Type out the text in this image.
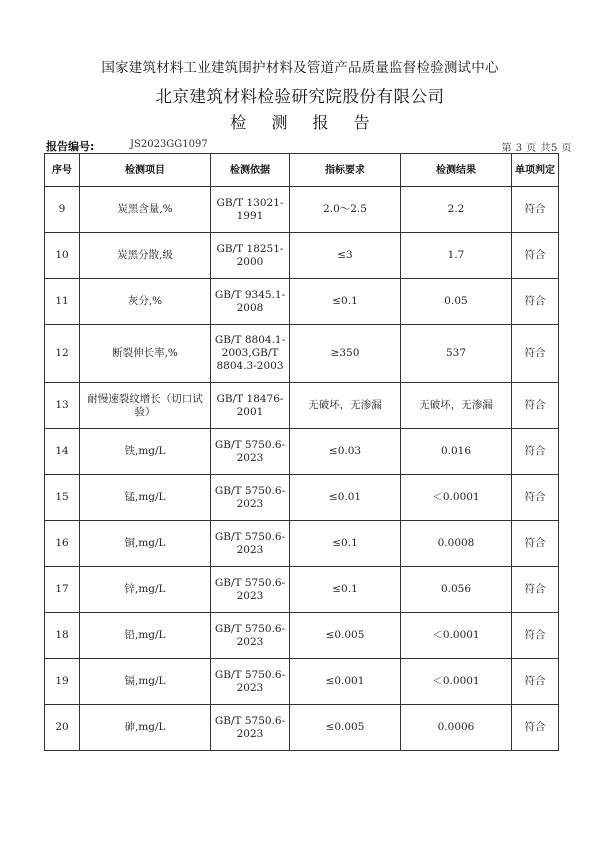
国家建筑材料工业建筑围护材料及管道产品质量监督检验测试中心
北京建筑材料检验研究院股份有限公司
检 测 报 告
报告编号:	JS2023GG1097	第 3 页 共5 页
序号	检测项目	检测依据	指标要求	检测结果	单项判定
9	炭黑含量,%	GB/T 13021-1991	2.0～2.5	2.2	符合
10	炭黑分散,级	GB/T 18251-2000	≤3	1.7	符合
11	灰分,%	GB/T 9345.1-2008	≤0.1	0.05	符合
12	断裂伸长率,%	GB/T 8804.1-2003,GB/T 8804.3-2003	≥350	537	符合
13	耐慢速裂纹增长（切口试验）	GB/T 18476-2001	无破坏，无渗漏	无破坏，无渗漏	符合
14	铁,mg/L	GB/T 5750.6-2023	≤0.03	0.016	符合
15	锰,mg/L	GB/T 5750.6-2023	≤0.01	＜0.0001	符合
16	铜,mg/L	GB/T 5750.6-2023	≤0.1	0.0008	符合
17	锌,mg/L	GB/T 5750.6-2023	≤0.1	0.056	符合
18	铅,mg/L	GB/T 5750.6-2023	≤0.005	＜0.0001	符合
19	镉,mg/L	GB/T 5750.6-2023	≤0.001	＜0.0001	符合
20	砷,mg/L	GB/T 5750.6-2023	≤0.005	0.0006	符合
